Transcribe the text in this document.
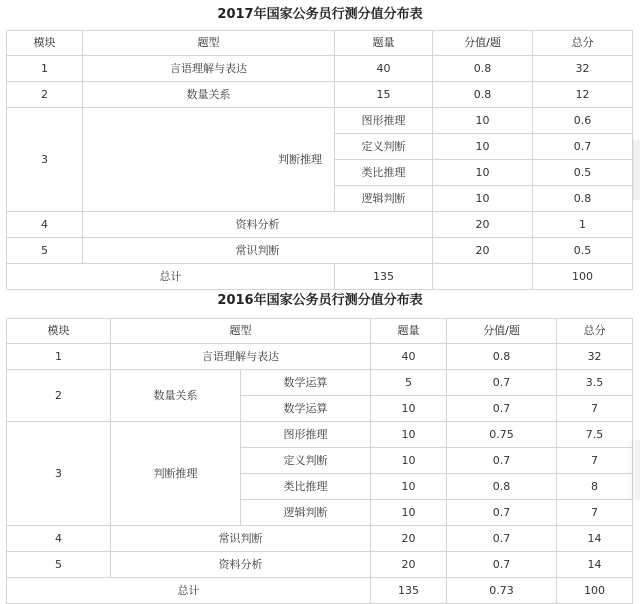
2017年国家公务员行测分值分布表
模块	题型	题量	分值/题	总分	
1	言语理解与表达	40	0.8	32	
2	数量关系	15	0.8	12	
3	判断推理	图形推理	10	0.6	
		定义判断	10	0.7	
		类比推理	10	0.5	
		逻辑判断	10	0.8	
4	资料分析		20	1	
5	常识判断		20	0.5	
总计		135		100	
2016年国家公务员行测分值分布表
模块	题型		题量	分值/题	总分
1	言语理解与表达		40	0.8	32
2	数量关系	数学运算	5	0.7	3.5
		数学运算	10	0.7	7
3	判断推理	图形推理	10	0.75	7.5
		定义判断	10	0.7	7
		类比推理	10	0.8	8
		逻辑判断	10	0.7	7
4	常识判断		20	0.7	14
5	资料分析		20	0.7	14
总计			135	0.73	100
